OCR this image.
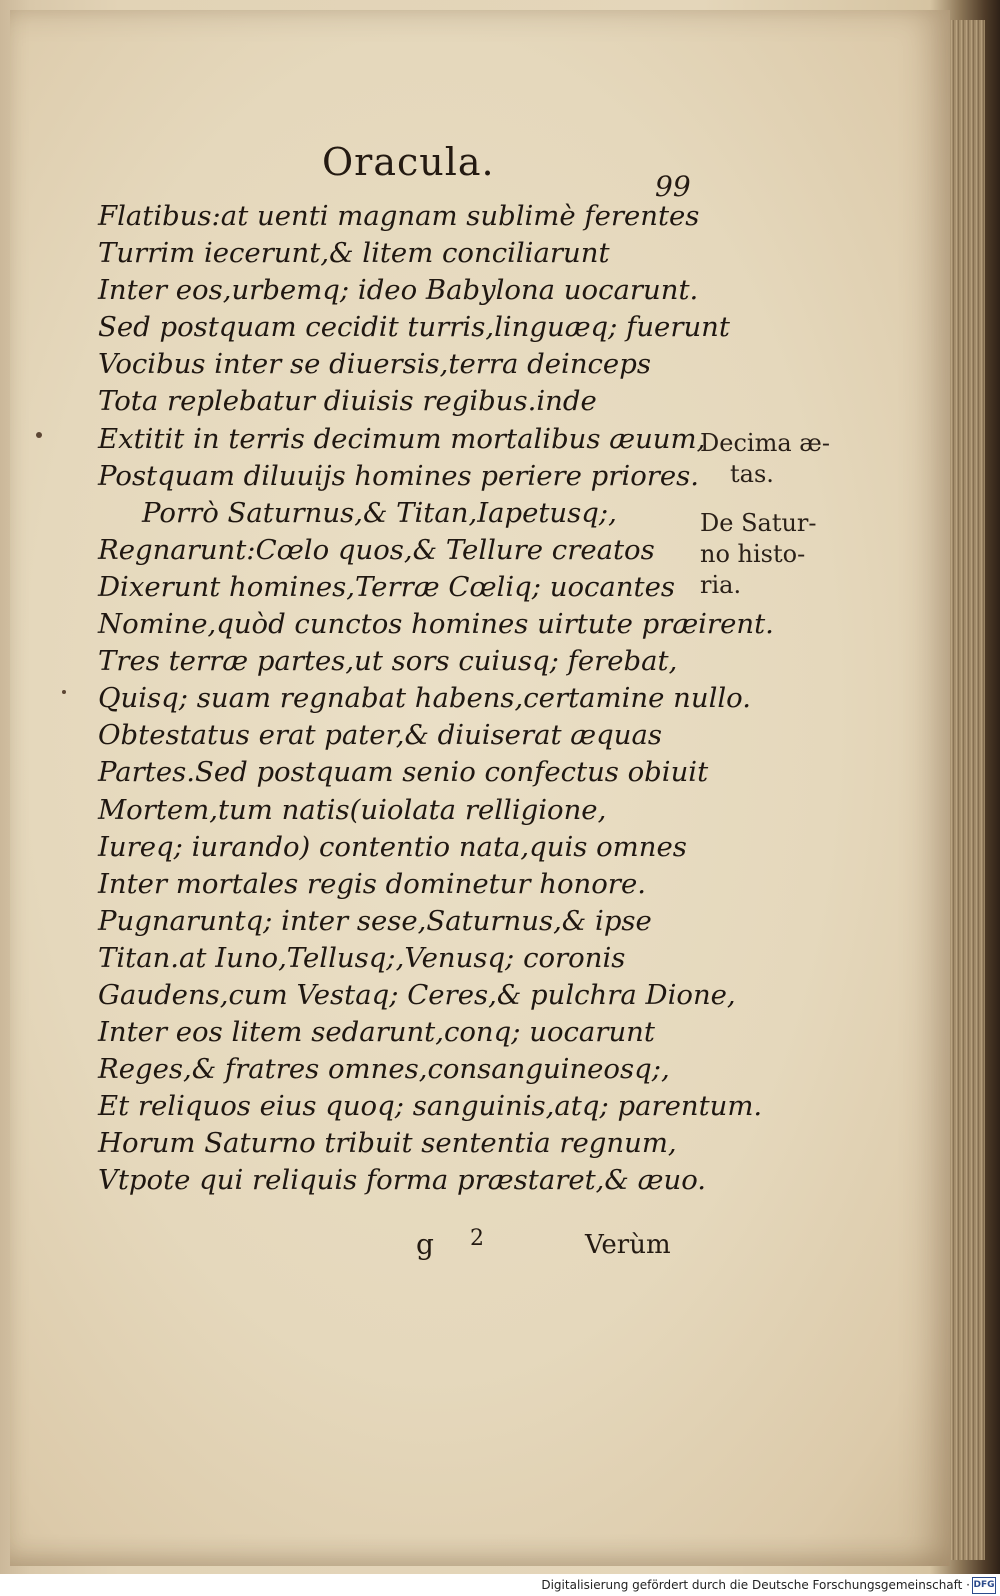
Oracula.
99
Flatibus:at uenti magnam sublimè ferentes
Turrim iecerunt,& litem conciliarunt
Inter eos,urbemq; ideo Babylona uocarunt.
Sed postquam cecidit turris,linguæq; fuerunt
Vocibus inter se diuersis,terra deinceps
Tota replebatur diuisis regibus.inde
Extitit in terris decimum mortalibus æuum,
Postquam diluuijs homines periere priores.
Porrò Saturnus,& Titan,Iapetusq;,
Regnarunt:Cœlo quos,& Tellure creatos
Dixerunt homines,Terræ Cœliq; uocantes
Nomine,quòd cunctos homines uirtute præirent.
Tres terræ partes,ut sors cuiusq; ferebat,
Quisq; suam regnabat habens,certamine nullo.
Obtestatus erat pater,& diuiserat æquas
Partes.Sed postquam senio confectus obiuit
Mortem,tum natis(uiolata relligione,
Iureq; iurando) contentio nata,quis omnes
Inter mortales regis dominetur honore.
Pugnaruntq; inter sese,Saturnus,& ipse
Titan.at Iuno,Tellusq;,Venusq; coronis
Gaudens,cum Vestaq; Ceres,& pulchra Dione,
Inter eos litem sedarunt,conq; uocarunt
Reges,& fratres omnes,consanguineosq;,
Et reliquos eius quoq; sanguinis,atq; parentum.
Horum Saturno tribuit sententia regnum,
Vtpote qui reliquis forma præstaret,& æuo.
Decima æ-
tas.
De Satur-
no histo-
ria.
g 2	Verùm
Digitalisierung gefördert durch die Deutsche Forschungsgemeinschaft · DFG
